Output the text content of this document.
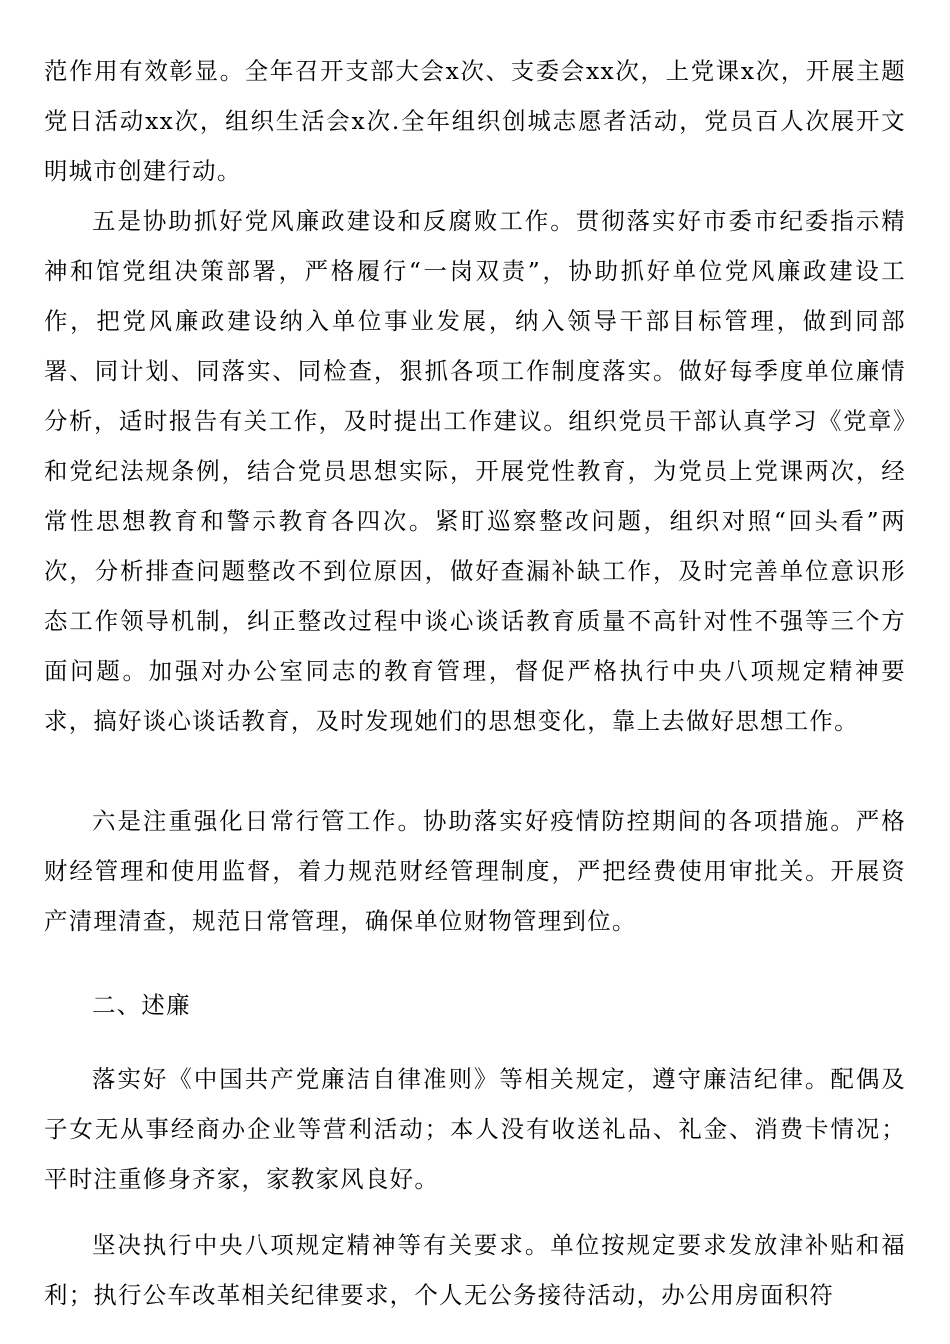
范作用有效彰显。全年召开支部大会x次、支委会xx次，上党课x次，开展主题党日活动xx次，组织生活会x次.全年组织创城志愿者活动，党员百人次展开文明城市创建行动。

五是协助抓好党风廉政建设和反腐败工作。贯彻落实好市委市纪委指示精神和馆党组决策部署，严格履行“一岗双责”，协助抓好单位党风廉政建设工作，把党风廉政建设纳入单位事业发展，纳入领导干部目标管理，做到同部署、同计划、同落实、同检查，狠抓各项工作制度落实。做好每季度单位廉情分析，适时报告有关工作，及时提出工作建议。组织党员干部认真学习《党章》和党纪法规条例，结合党员思想实际，开展党性教育，为党员上党课两次，经常性思想教育和警示教育各四次。紧盯巡察整改问题，组织对照“回头看”两次，分析排查问题整改不到位原因，做好查漏补缺工作，及时完善单位意识形态工作领导机制，纠正整改过程中谈心谈话教育质量不高针对性不强等三个方面问题。加强对办公室同志的教育管理，督促严格执行中央八项规定精神要求，搞好谈心谈话教育，及时发现她们的思想变化，靠上去做好思想工作。

六是注重强化日常行管工作。协助落实好疫情防控期间的各项措施。严格财经管理和使用监督，着力规范财经管理制度，严把经费使用审批关。开展资产清理清查，规范日常管理，确保单位财物管理到位。

二、述廉

落实好《中国共产党廉洁自律准则》等相关规定，遵守廉洁纪律。配偶及子女无从事经商办企业等营利活动；本人没有收送礼品、礼金、消费卡情况；平时注重修身齐家，家教家风良好。

坚决执行中央八项规定精神等有关要求。单位按规定要求发放津补贴和福利；执行公车改革相关纪律要求，个人无公务接待活动，办公用房面积符
